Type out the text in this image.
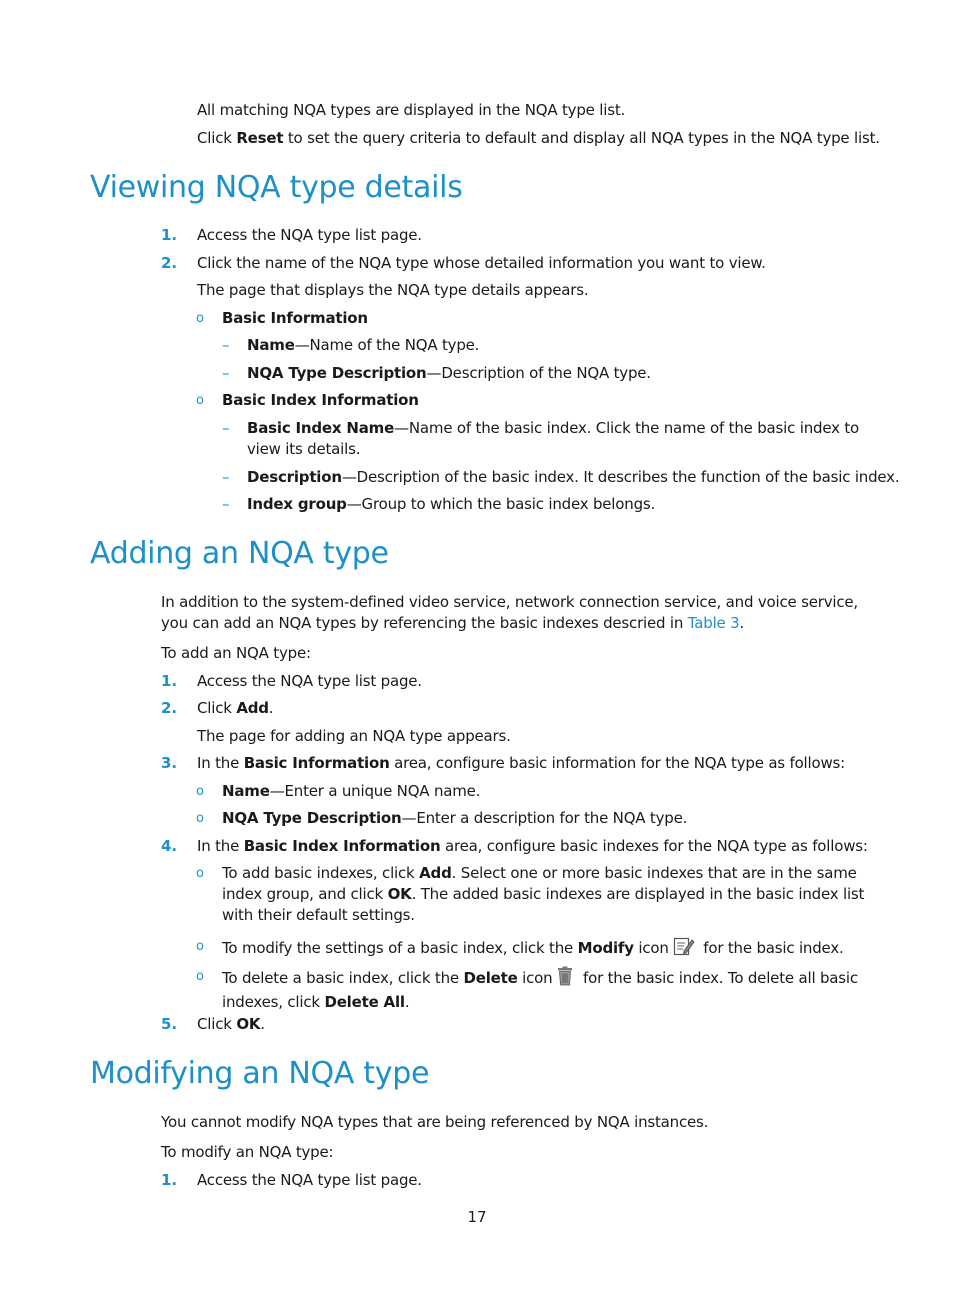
All matching NQA types are displayed in the NQA type list.
Click Reset to set the query criteria to default and display all NQA types in the NQA type list.
Viewing NQA type details
1. Access the NQA type list page.
2. Click the name of the NQA type whose detailed information you want to view.
The page that displays the NQA type details appears.
o Basic Information
– Name—Name of the NQA type.
– NQA Type Description—Description of the NQA type.
o Basic Index Information
– Basic Index Name—Name of the basic index. Click the name of the basic index to view its details.
– Description—Description of the basic index. It describes the function of the basic index.
– Index group—Group to which the basic index belongs.
Adding an NQA type
In addition to the system-defined video service, network connection service, and voice service, you can add an NQA types by referencing the basic indexes descried in Table 3.
To add an NQA type:
1. Access the NQA type list page.
2. Click Add.
The page for adding an NQA type appears.
3. In the Basic Information area, configure basic information for the NQA type as follows:
o Name—Enter a unique NQA name.
o NQA Type Description—Enter a description for the NQA type.
4. In the Basic Index Information area, configure basic indexes for the NQA type as follows:
o To add basic indexes, click Add. Select one or more basic indexes that are in the same index group, and click OK. The added basic indexes are displayed in the basic index list with their default settings.
o To modify the settings of a basic index, click the Modify icon for the basic index.
o To delete a basic index, click the Delete icon for the basic index. To delete all basic indexes, click Delete All.
5. Click OK.
Modifying an NQA type
You cannot modify NQA types that are being referenced by NQA instances.
To modify an NQA type:
1. Access the NQA type list page.
17
